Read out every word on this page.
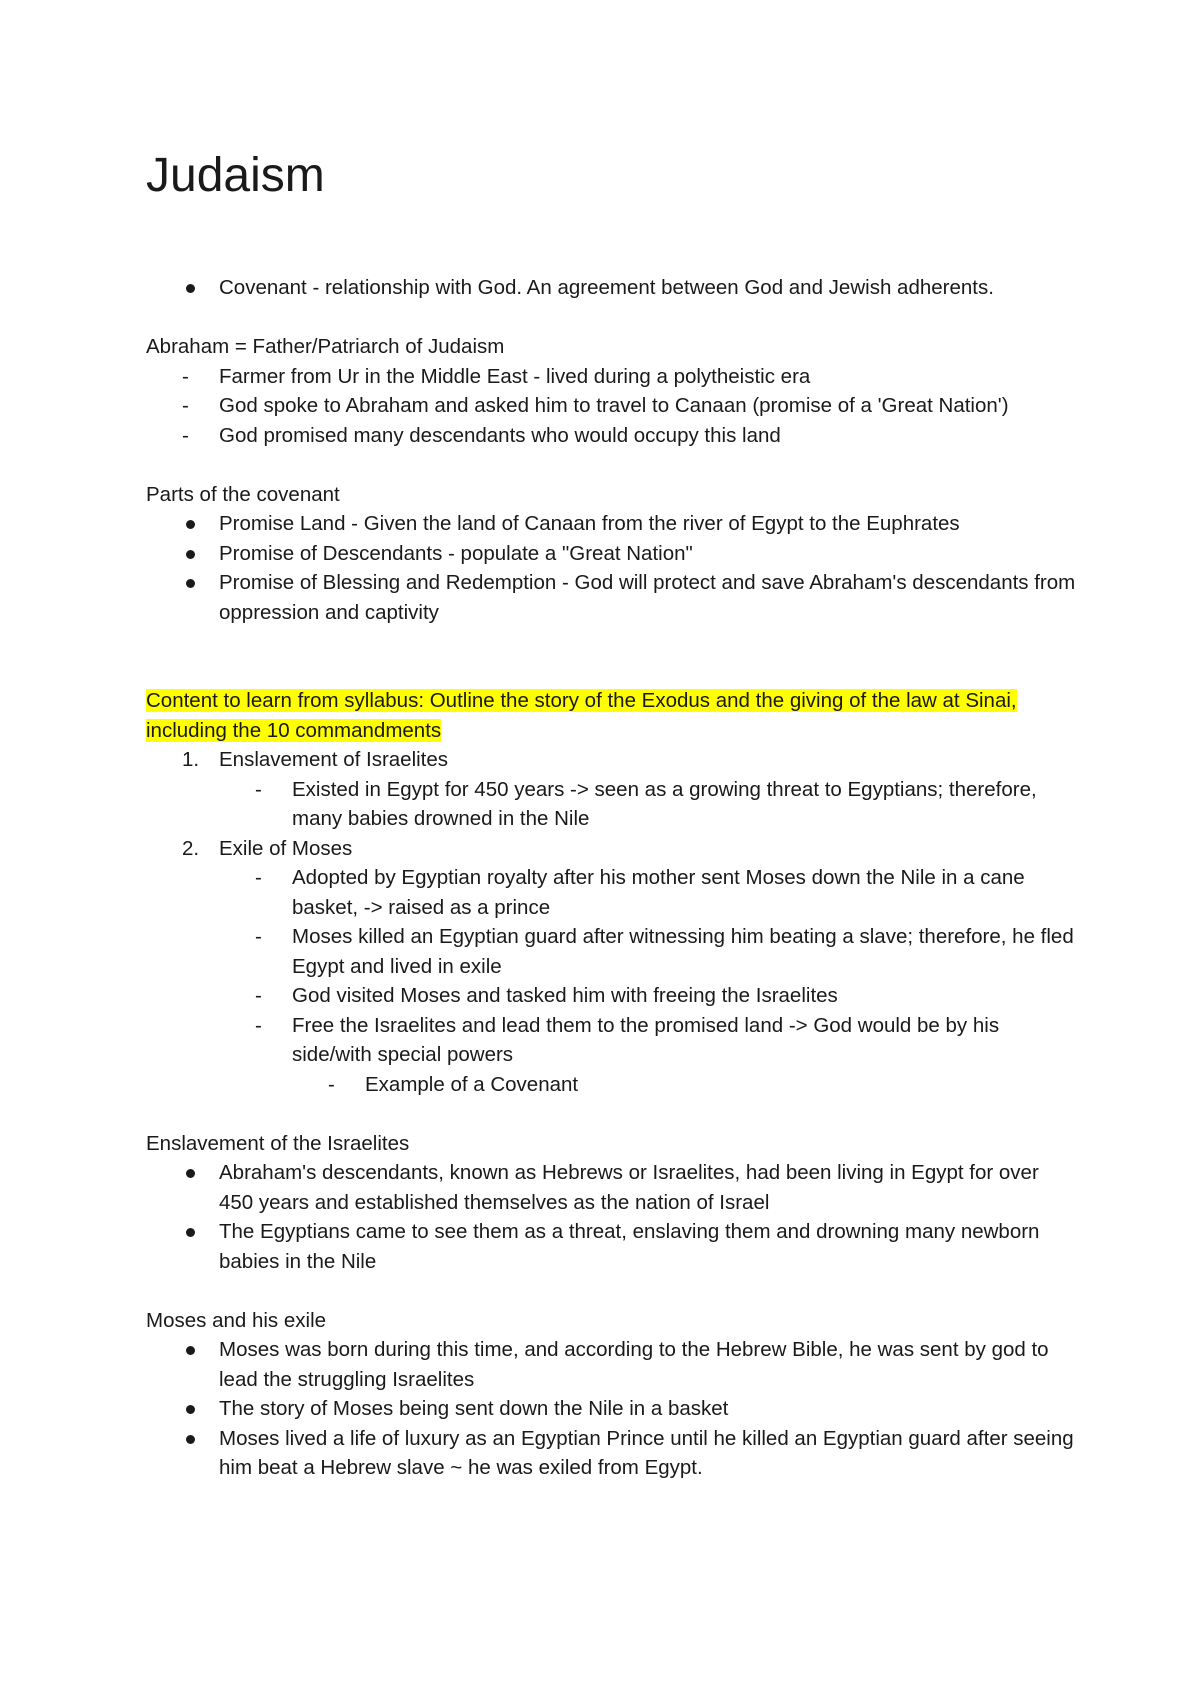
Judaism
Covenant - relationship with God. An agreement between God and Jewish adherents.

Abraham = Father/Patriarch of Judaism

- Farmer from Ur in the Middle East - lived during a polytheistic era
- God spoke to Abraham and asked him to travel to Canaan (promise of a 'Great Nation')
- God promised many descendants who would occupy this land

Parts of the covenant

Promise Land - Given the land of Canaan from the river of Egypt to the Euphrates
Promise of Descendants - populate a "Great Nation"
Promise of Blessing and Redemption - God will protect and save Abraham's descendants from oppression and captivity

Content to learn from syllabus: Outline the story of the Exodus and the giving of the law at Sinai, including the 10 commandments

1. Enslavement of Israelites
- Existed in Egypt for 450 years -> seen as a growing threat to Egyptians; therefore, many babies drowned in the Nile
2. Exile of Moses
- Adopted by Egyptian royalty after his mother sent Moses down the Nile in a cane basket, -> raised as a prince
- Moses killed an Egyptian guard after witnessing him beating a slave; therefore, he fled Egypt and lived in exile
- God visited Moses and tasked him with freeing the Israelites
- Free the Israelites and lead them to the promised land -> God would be by his side/with special powers
- Example of a Covenant

Enslavement of the Israelites

Abraham's descendants, known as Hebrews or Israelites, had been living in Egypt for over 450 years and established themselves as the nation of Israel
The Egyptians came to see them as a threat, enslaving them and drowning many newborn babies in the Nile

Moses and his exile

Moses was born during this time, and according to the Hebrew Bible, he was sent by god to lead the struggling Israelites
The story of Moses being sent down the Nile in a basket
Moses lived a life of luxury as an Egyptian Prince until he killed an Egyptian guard after seeing him beat a Hebrew slave ~ he was exiled from Egypt.
